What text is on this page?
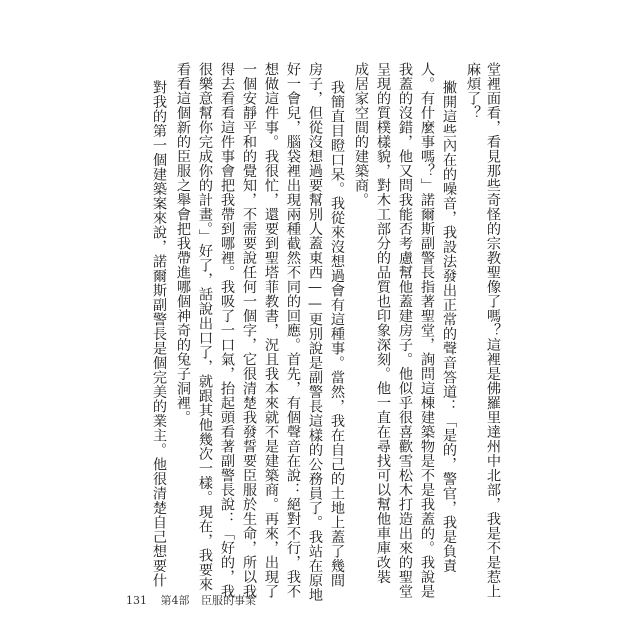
堂裡面看，看見那些奇怪的宗教聖像了嗎？這裡是佛羅里達州中北部，我是不是惹上
麻煩了？
撇開這些內在的噪音，我設法發出正常的聲音答道：「是的，警官，我是負責
人。有什麼事嗎？」諾爾斯副警長指著聖堂，詢問這棟建築物是不是我蓋的。我說是
我蓋的沒錯，他又問我能否考慮幫他蓋建房子。他似乎很喜歡雪松木打造出來的聖堂
呈現的質樸樣貌，對木工部分的品質也印象深刻。他一直在尋找可以幫他車庫改裝
成居家空間的建築商。
我簡直目瞪口呆。我從來沒想過會有這種事。當然，我在自己的土地上蓋了幾間
房子，但從沒想過要幫別人蓋東西——更別說是副警長這樣的公務員了。我站在原地
好一會兒，腦袋裡出現兩種截然不同的回應。首先，有個聲音在說：絕對不行，我不
想做這件事。我很忙，還要到聖塔菲教書，況且我本來就不是建築商。再來，出現了
一個安靜平和的覺知，不需要說任何一個字，它很清楚我發誓要臣服於生命，所以我
得去看看這件事會把我帶到哪裡。我吸了一口氣，抬起頭看著副警長說：「好的，我
很樂意幫你完成你的計畫。」好了，話說出口了，就跟其他幾次一樣。現在，我要來
看看這個新的臣服之舉會把我帶進哪個神奇的兔子洞裡。
對我的第一個建築案來說，諾爾斯副警長是個完美的業主。他很清楚自己想要什
131 第4部 臣服的事業
